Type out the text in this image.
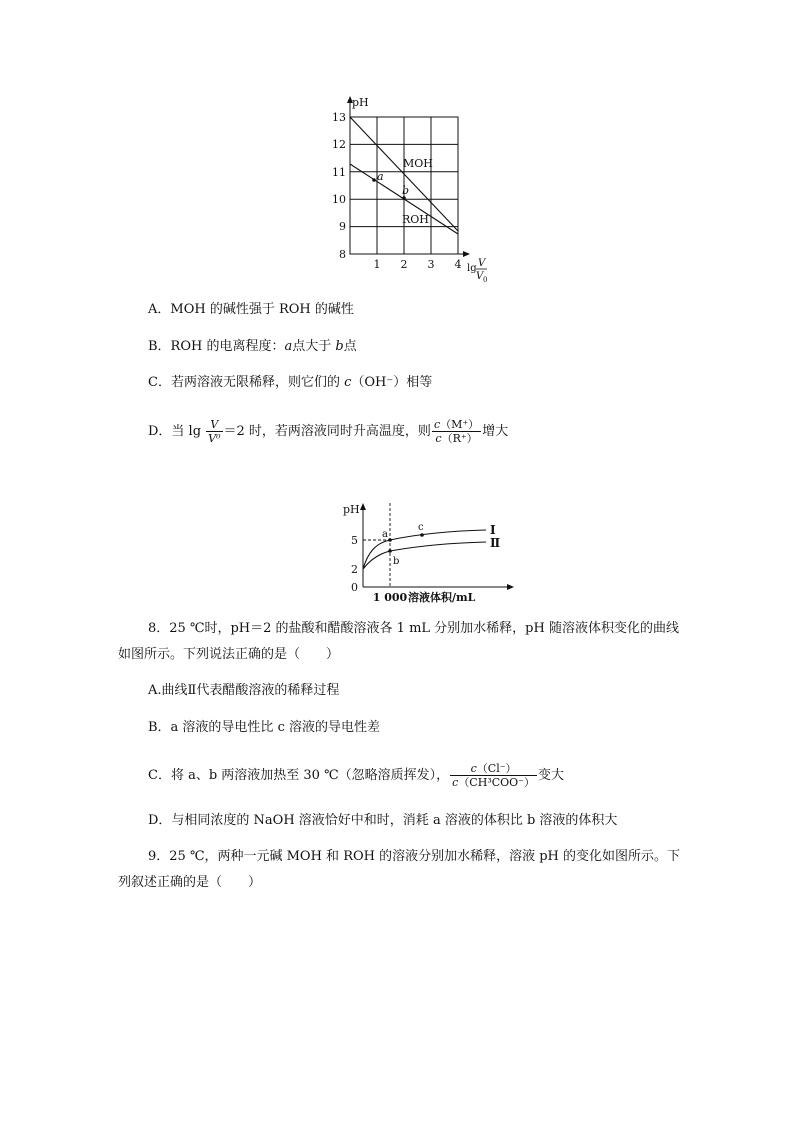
pH
13
12
11
10
9
8
1 2 3 4 lg V
V 0
MOH
ROH
a
b
A．MOH 的碱性强于 ROH 的碱性
B．ROH 的电离程度：a点大于 b点
C．若两溶液无限稀释，则它们的 c（OH⁻）相等
D．当 $\lg \frac{V}{\text{V⁰}} =2$ 时，若两溶液同时升高温度，则 $\frac{c(M^+)}{c(R^+)}$ 增大
pH
5
2
0
1 000 溶液体积/mL
a
b
c	Ⅰ
Ⅱ
8．25 ℃时，pH＝2 的盐酸和醋酸溶液各 1 mL 分别加水稀释，pH 随溶液体积变化的曲线
如图所示。下列说法正确的是（　　）
A.曲线Ⅱ代表醋酸溶液的稀释过程
B．a 溶液的导电性比 c 溶液的导电性差
C．将 a、b 两溶液加热至 30 ℃（忽略溶质挥发）， $\frac{c(Cl^-)}{\text{c（CH³COO⁻）}}$ 变大
D．与相同浓度的 NaOH 溶液恰好中和时，消耗 a 溶液的体积比 b 溶液的体积大
9．25 ℃，两种一元碱 MOH 和 ROH 的溶液分别加水稀释，溶液 pH 的变化如图所示。下
列叙述正确的是（　　）
